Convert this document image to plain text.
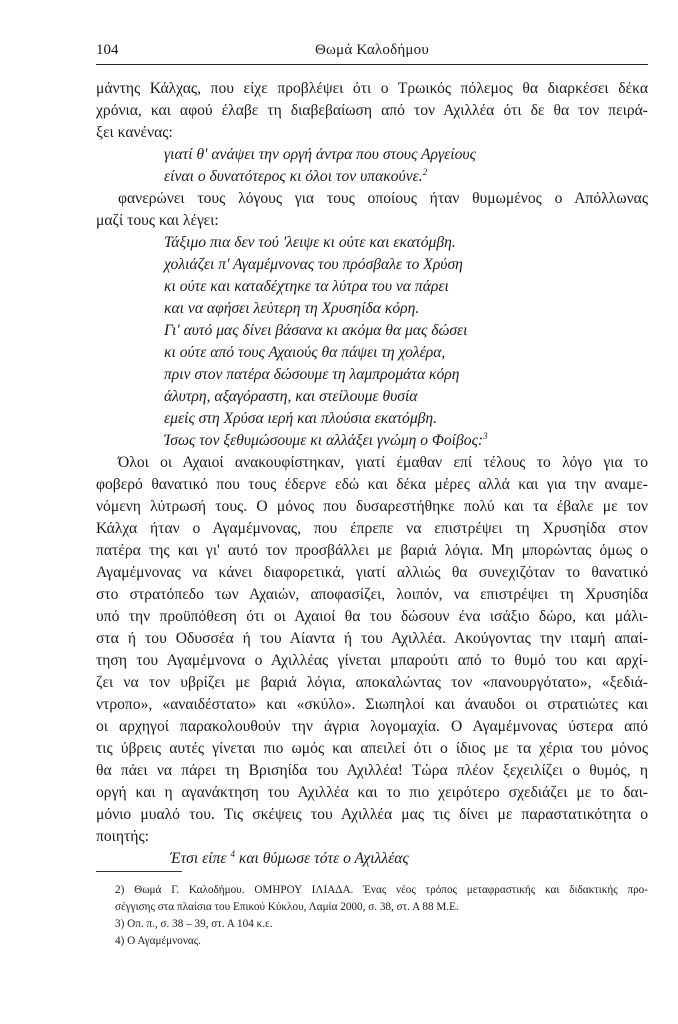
104	Θωμά Καλοδήμου
μάντης Κάλχας, που είχε προβλέψει ότι ο Τρωικός πόλεμος θα διαρκέσει δέκα
χρόνια, και αφού έλαβε τη διαβεβαίωση από τον Αχιλλέα ότι δε θα τον πειρά-
ξει κανένας:
γιατί θ' ανάψει την οργή άντρα που στους Αργείους
είναι ο δυνατότερος κι όλοι τον υπακούνε.$^2$
φανερώνει τους λόγους για τους οποίους ήταν θυμωμένος ο Απόλλωνας
μαζί τους και λέγει:
Τάξιμο πια δεν τού 'λειψε κι ούτε και εκατόμβη.
χολιάζει π' Αγαμέμνονας του πρόσβαλε το Χρύση
κι ούτε και καταδέχτηκε τα λύτρα του να πάρει
και να αφήσει λεύτερη τη Χρυσηίδα κόρη.
Γι' αυτό μας δίνει βάσανα κι ακόμα θα μας δώσει
κι ούτε από τους Αχαιούς θα πάψει τη χολέρα,
πριν στον πατέρα δώσουμε τη λαμπρομάτα κόρη
άλυτρη, αξαγόραστη, και στείλουμε θυσία
εμείς στη Χρύσα ιερή και πλούσια εκατόμβη.
Ίσως τον ξεθυμώσουμε κι αλλάξει γνώμη ο Φοίβος:$^3$
Όλοι οι Αχαιοί ανακουφίστηκαν, γιατί έμαθαν επί τέλους το λόγο για το
φοβερό θανατικό που τους έδερνε εδώ και δέκα μέρες αλλά και για την αναμε-
νόμενη λύτρωσή τους. Ο μόνος που δυσαρεστήθηκε πολύ και τα έβαλε με τον
Κάλχα ήταν ο Αγαμέμνονας, που έπρεπε να επιστρέψει τη Χρυσηίδα στον
πατέρα της και γι' αυτό τον προσβάλλει με βαριά λόγια. Μη μπορώντας όμως ο
Αγαμέμνονας να κάνει διαφορετικά, γιατί αλλιώς θα συνεχιζόταν το θανατικό
στο στρατόπεδο των Αχαιών, αποφασίζει, λοιπόν, να επιστρέψει τη Χρυσηίδα
υπό την προϋπόθεση ότι οι Αχαιοί θα του δώσουν ένα ισάξιο δώρο, και μάλι-
στα ή του Οδυσσέα ή του Αίαντα ή του Αχιλλέα. Ακούγοντας την ιταμή απαί-
τηση του Αγαμέμνονα ο Αχιλλέας γίνεται μπαρούτι από το θυμό του και αρχί-
ζει να τον υβρίζει με βαριά λόγια, αποκαλώντας τον «πανουργότατο», «ξεδιά-
ντροπο», «αναιδέστατο» και «σκύλο». Σιωπηλοί και άναυδοι οι στρατιώτες και
οι αρχηγοί παρακολουθούν την άγρια λογομαχία. Ο Αγαμέμνονας ύστερα από
τις ύβρεις αυτές γίνεται πιο ωμός και απειλεί ότι ο ίδιος με τα χέρια του μόνος
θα πάει να πάρει τη Βρισηίδα του Αχιλλέα! Τώρα πλέον ξεχειλίζει ο θυμός, η
οργή και η αγανάκτηση του Αχιλλέα και το πιο χειρότερο σχεδιάζει με το δαι-
μόνιο μυαλό του. Τις σκέψεις του Αχιλλέα μας τις δίνει με παραστατικότητα ο
ποιητής:
Έτσι είπε $^4$ και θύμωσε τότε ο Αχιλλέας
2) Θωμά Γ. Καλοδήμου. ΟΜΗΡΟΥ ΙΛΙΑΔΑ. Ένας νέος τρόπος μεταφραστικής και διδακτικής προ-
σέγγισης στα πλαίσια του Επικού Κύκλου, Λαμία 2000, σ. 38, στ. Α 88 Μ.Ε.
3) Οπ. π., σ. 38 – 39, στ. Α 104 κ.ε.
4) Ο Αγαμέμνονας.
